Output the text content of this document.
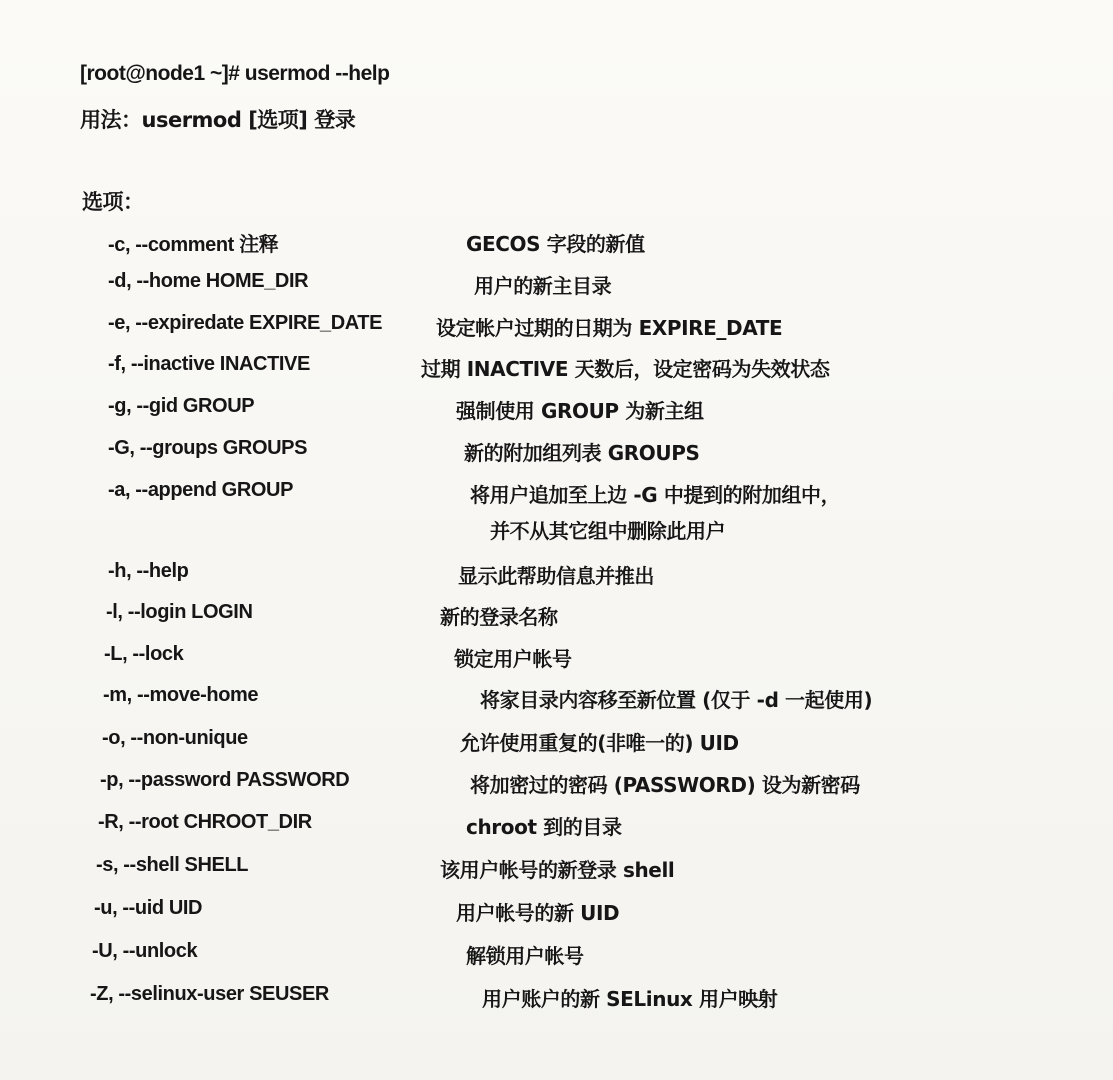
[root@node1 ~]# usermod --help
用法：usermod [选项] 登录
选项：
-c, --comment 注释	GECOS 字段的新值
-d, --home HOME_DIR	用户的新主目录
-e, --expiredate EXPIRE_DATE	设定帐户过期的日期为 EXPIRE_DATE
-f, --inactive INACTIVE	过期 INACTIVE 天数后，设定密码为失效状态
-g, --gid GROUP	强制使用 GROUP 为新主组
-G, --groups GROUPS	新的附加组列表 GROUPS
-a, --append GROUP	将用户追加至上边 -G 中提到的附加组中，
并不从其它组中删除此用户
-h, --help	显示此帮助信息并推出
-l, --login LOGIN	新的登录名称
-L, --lock	锁定用户帐号
-m, --move-home	将家目录内容移至新位置 (仅于 -d 一起使用)
-o, --non-unique	允许使用重复的(非唯一的) UID
-p, --password PASSWORD	将加密过的密码 (PASSWORD) 设为新密码
-R, --root CHROOT_DIR	chroot 到的目录
-s, --shell SHELL	该用户帐号的新登录 shell
-u, --uid UID	用户帐号的新 UID
-U, --unlock	解锁用户帐号
-Z, --selinux-user SEUSER	用户账户的新 SELinux 用户映射
